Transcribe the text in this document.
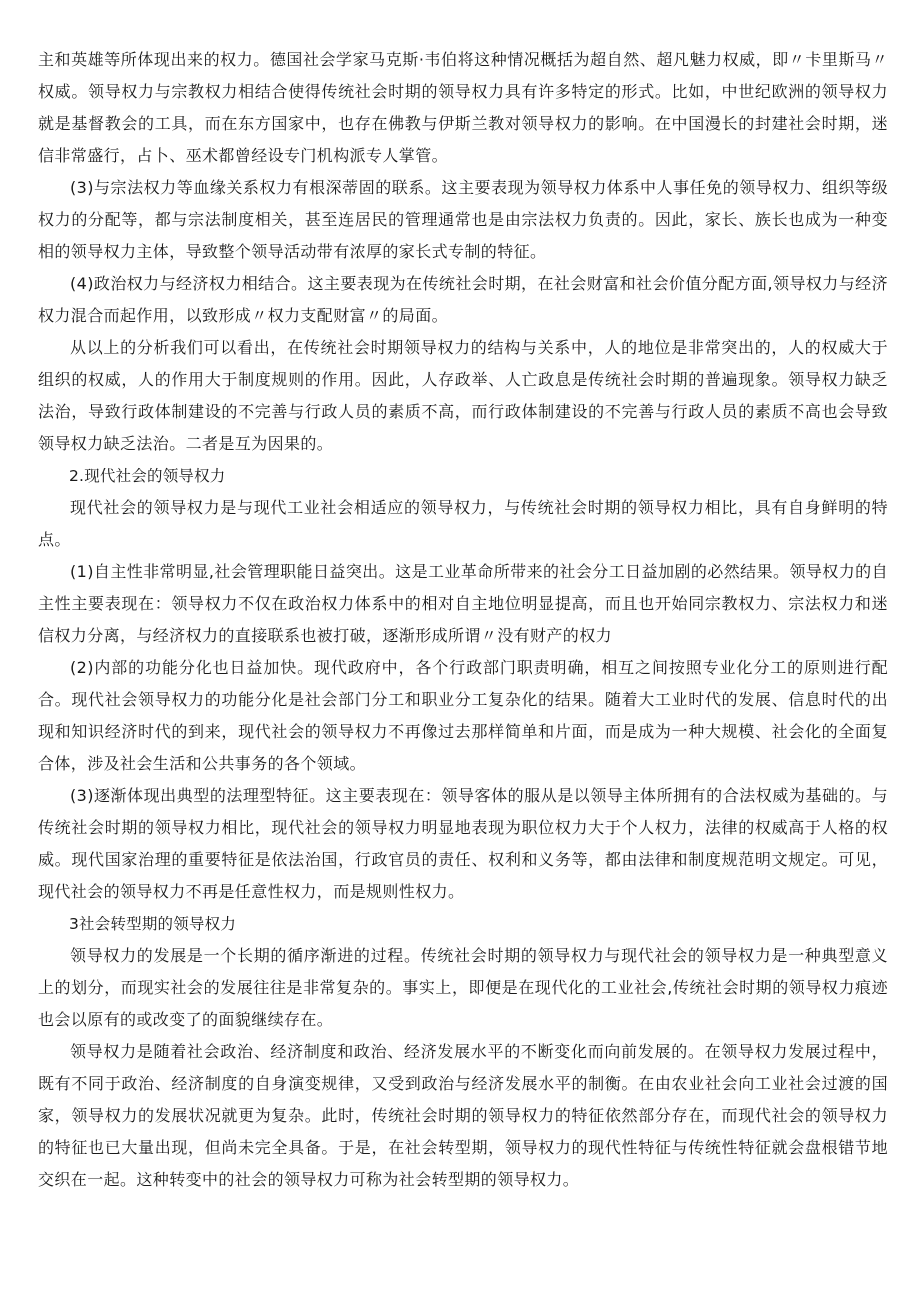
主和英雄等所体现出来的权力。德国社会学家马克斯·韦伯将这种情况概括为超自然、超凡魅力权威，即〃卡里斯马〃权威。领导权力与宗教权力相结合使得传统社会时期的领导权力具有许多特定的形式。比如，中世纪欧洲的领导权力就是基督教会的工具，而在东方国家中，也存在佛教与伊斯兰教对领导权力的影响。在中国漫长的封建社会时期，迷信非常盛行，占卜、巫术都曾经设专门机构派专人掌管。

(3)与宗法权力等血缘关系权力有根深蒂固的联系。这主要表现为领导权力体系中人事任免的领导权力、组织等级权力的分配等，都与宗法制度相关，甚至连居民的管理通常也是由宗法权力负责的。因此，家长、族长也成为一种变相的领导权力主体，导致整个领导活动带有浓厚的家长式专制的特征。

(4)政治权力与经济权力相结合。这主要表现为在传统社会时期，在社会财富和社会价值分配方面,领导权力与经济权力混合而起作用，以致形成〃权力支配财富〃的局面。

从以上的分析我们可以看出，在传统社会时期领导权力的结构与关系中，人的地位是非常突出的，人的权威大于组织的权威，人的作用大于制度规则的作用。因此，人存政举、人亡政息是传统社会时期的普遍现象。领导权力缺乏法治，导致行政体制建设的不完善与行政人员的素质不高，而行政体制建设的不完善与行政人员的素质不高也会导致领导权力缺乏法治。二者是互为因果的。

2.现代社会的领导权力

现代社会的领导权力是与现代工业社会相适应的领导权力，与传统社会时期的领导权力相比，具有自身鲜明的特点。

(1)自主性非常明显,社会管理职能日益突出。这是工业革命所带来的社会分工日益加剧的必然结果。领导权力的自主性主要表现在：领导权力不仅在政治权力体系中的相对自主地位明显提高，而且也开始同宗教权力、宗法权力和迷信权力分离，与经济权力的直接联系也被打破，逐渐形成所谓〃没有财产的权力

(2)内部的功能分化也日益加快。现代政府中，各个行政部门职责明确，相互之间按照专业化分工的原则进行配合。现代社会领导权力的功能分化是社会部门分工和职业分工复杂化的结果。随着大工业时代的发展、信息时代的出现和知识经济时代的到来，现代社会的领导权力不再像过去那样简单和片面，而是成为一种大规模、社会化的全面复合体，涉及社会生活和公共事务的各个领域。

(3)逐渐体现出典型的法理型特征。这主要表现在：领导客体的服从是以领导主体所拥有的合法权威为基础的。与传统社会时期的领导权力相比，现代社会的领导权力明显地表现为职位权力大于个人权力，法律的权威高于人格的权威。现代国家治理的重要特征是依法治国，行政官员的责任、权利和义务等，都由法律和制度规范明文规定。可见，现代社会的领导权力不再是任意性权力，而是规则性权力。

3社会转型期的领导权力

领导权力的发展是一个长期的循序渐进的过程。传统社会时期的领导权力与现代社会的领导权力是一种典型意义上的划分，而现实社会的发展往往是非常复杂的。事实上，即便是在现代化的工业社会,传统社会时期的领导权力痕迹也会以原有的或改变了的面貌继续存在。

领导权力是随着社会政治、经济制度和政治、经济发展水平的不断变化而向前发展的。在领导权力发展过程中，既有不同于政治、经济制度的自身演变规律，又受到政治与经济发展水平的制衡。在由农业社会向工业社会过渡的国家，领导权力的发展状况就更为复杂。此时，传统社会时期的领导权力的特征依然部分存在，而现代社会的领导权力的特征也已大量出现，但尚未完全具备。于是，在社会转型期，领导权力的现代性特征与传统性特征就会盘根错节地交织在一起。这种转变中的社会的领导权力可称为社会转型期的领导权力。
